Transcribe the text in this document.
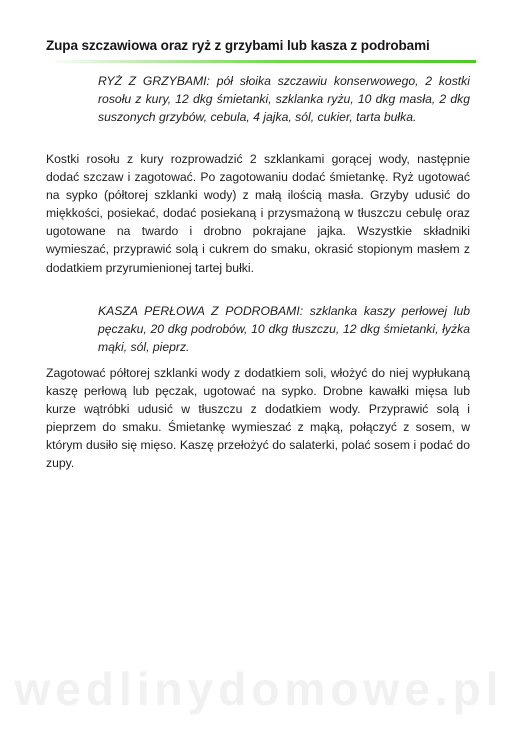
Zupa szczawiowa oraz ryż z grzybami lub kasza z podrobami
RYŻ Z GRZYBAMI: pół słoika szczawiu konserwowego, 2 kostki rosołu z kury, 12 dkg śmietanki, szklanka ryżu, 10 dkg masła, 2 dkg suszonych grzybów, cebula, 4 jajka, sól, cukier, tarta bułka.
Kostki rosołu z kury rozprowadzić 2 szklankami gorącej wody, następnie dodać szczaw i zagotować. Po zagotowaniu dodać śmietankę. Ryż ugotować na sypko (półtorej szklanki wody) z małą ilością masła. Grzyby udusić do miękkości, posiekać, dodać posiekaną i przysmażoną w tłuszczu cebulę oraz ugotowane na twardo i drobno pokrajane jajka. Wszystkie składniki wymieszać, przyprawić solą i cukrem do smaku, okrasić stopionym masłem z dodatkiem przyrumienionej tartej bułki.
KASZA PERŁOWA Z PODROBAMI: szklanka kaszy perłowej lub pęczaku, 20 dkg podrobów, 10 dkg tłuszczu, 12 dkg śmietanki, łyżka mąki, sól, pieprz.
Zagotować półtorej szklanki wody z dodatkiem soli, włożyć do niej wypłukaną kaszę perłową lub pęczak, ugotować na sypko. Drobne kawałki mięsa lub kurze wątróbki udusić w tłuszczu z dodatkiem wody. Przyprawić solą i pieprzem do smaku. Śmietankę wymieszać z mąką, połączyć z sosem, w którym dusiło się mięso. Kaszę przełożyć do salaterki, polać sosem i podać do zupy.
wedlinydomowe.pl
